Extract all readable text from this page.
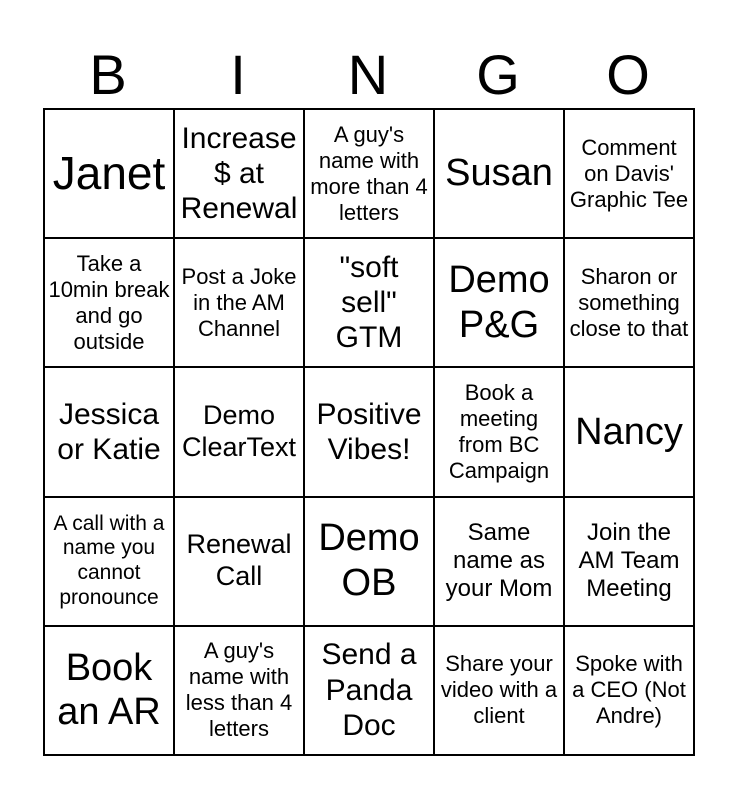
B	I	N	G	O
Janet	Increase $ at Renewal	A guy's name with more than 4 letters	Susan	Comment on Davis' Graphic Tee
Take a 10min break and go outside	Post a Joke in the AM Channel	"soft sell" GTM	Demo P&G	Sharon or something close to that
Jessica or Katie	Demo ClearText	Positive Vibes!	Book a meeting from BC Campaign	Nancy
A call with a name you cannot pronounce	Renewal Call	Demo OB	Same name as your Mom	Join the AM Team Meeting
Book an AR	A guy's name with less than 4 letters	Send a Panda Doc	Share your video with a client	Spoke with a CEO (Not Andre)
